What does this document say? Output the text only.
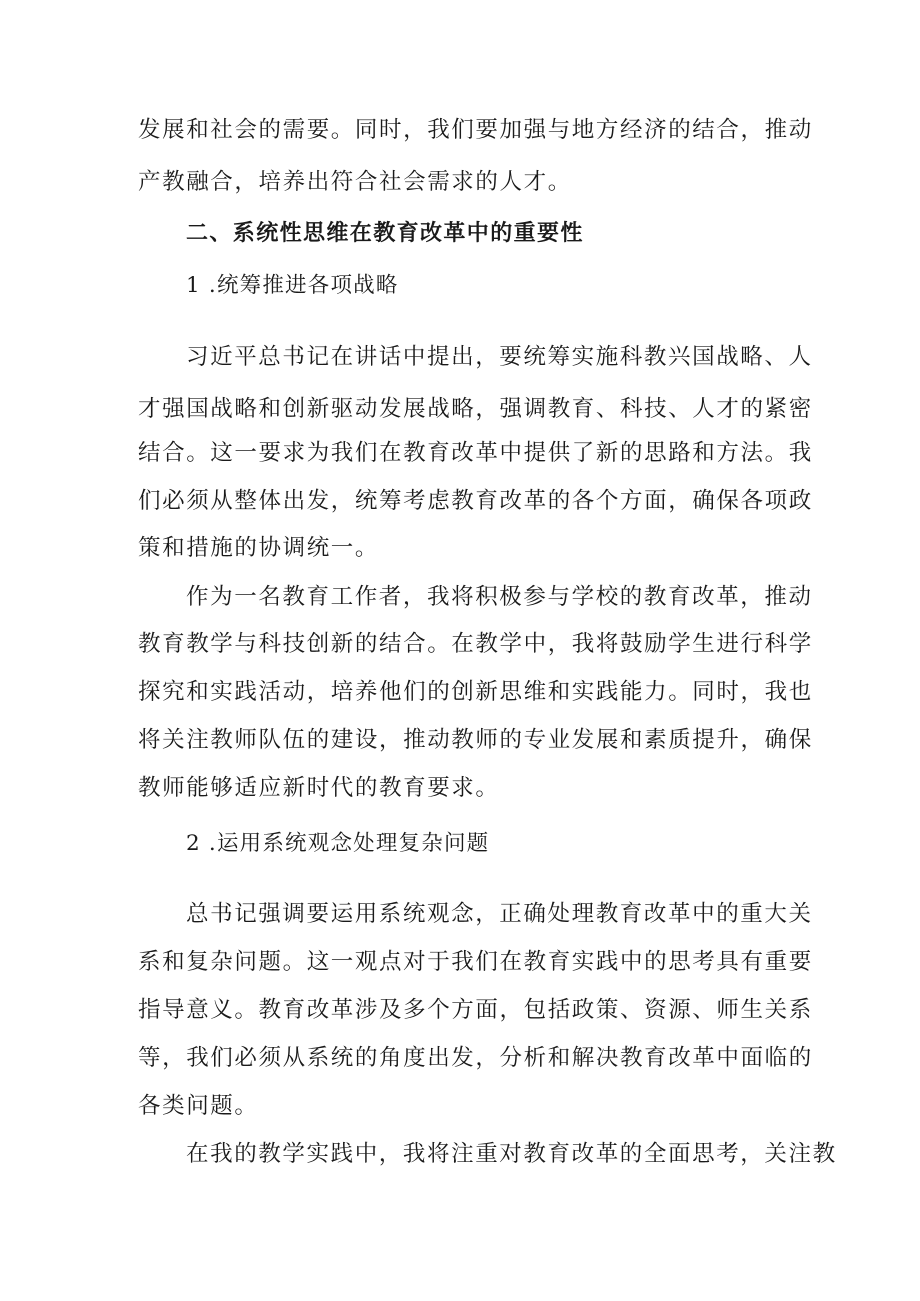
发展和社会的需要。同时，我们要加强与地方经济的结合，推动
产教融合，培养出符合社会需求的人才。
二、系统性思维在教育改革中的重要性
1 .统筹推进各项战略
习近平总书记在讲话中提出，要统筹实施科教兴国战略、人
才强国战略和创新驱动发展战略，强调教育、科技、人才的紧密
结合。这一要求为我们在教育改革中提供了新的思路和方法。我
们必须从整体出发，统筹考虑教育改革的各个方面，确保各项政
策和措施的协调统一。
作为一名教育工作者，我将积极参与学校的教育改革，推动
教育教学与科技创新的结合。在教学中，我将鼓励学生进行科学
探究和实践活动，培养他们的创新思维和实践能力。同时，我也
将关注教师队伍的建设，推动教师的专业发展和素质提升，确保
教师能够适应新时代的教育要求。
2 .运用系统观念处理复杂问题
总书记强调要运用系统观念，正确处理教育改革中的重大关
系和复杂问题。这一观点对于我们在教育实践中的思考具有重要
指导意义。教育改革涉及多个方面，包括政策、资源、师生关系
等，我们必须从系统的角度出发，分析和解决教育改革中面临的
各类问题。
在我的教学实践中，我将注重对教育改革的全面思考，关注教
